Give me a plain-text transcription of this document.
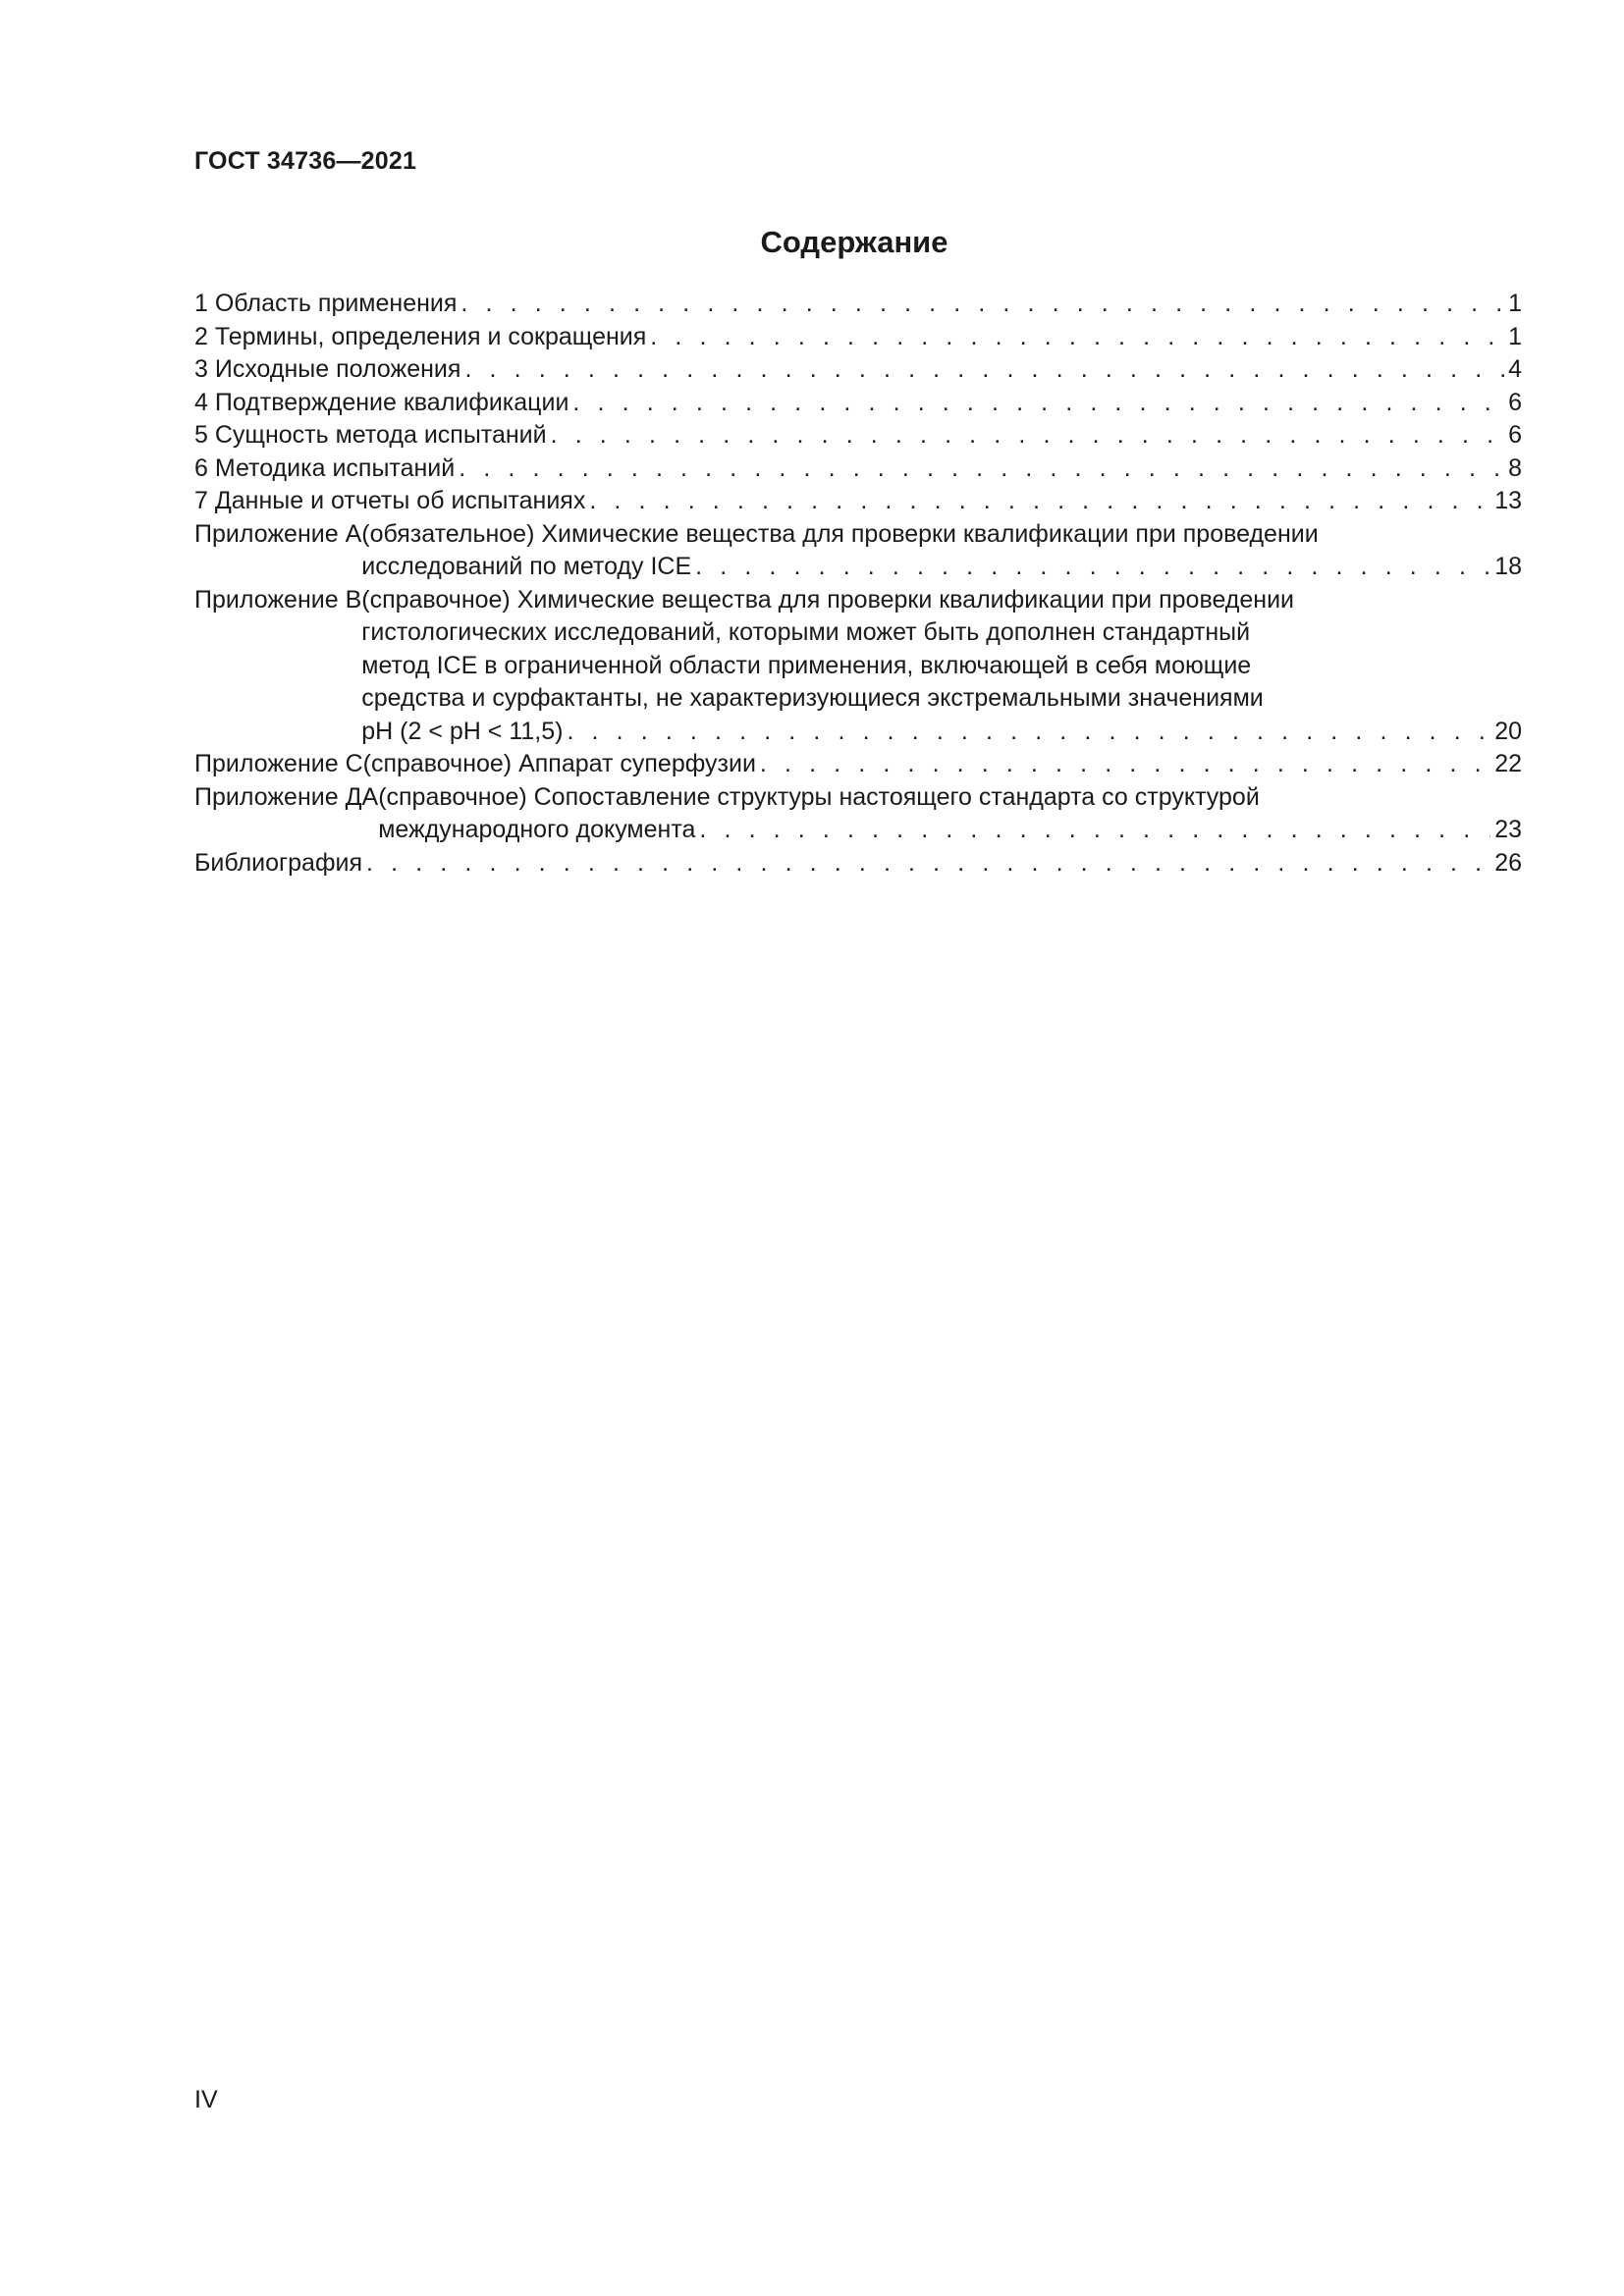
ГОСТ 34736—2021
Содержание
1 Область применения . . .	1
2 Термины, определения и сокращения . . .	1
3 Исходные положения . . .	4
4 Подтверждение квалификации . . .	6
5 Сущность метода испытаний . . .	6
6 Методика испытаний . . .	8
7 Данные и отчеты об испытаниях . . .	13
Приложение А (обязательное) Химические вещества для проверки квалификации при проведении
исследований по методу ICE . . .	18
Приложение В (справочное) Химические вещества для проверки квалификации при проведении
гистологических исследований, которыми может быть дополнен стандартный
метод ICE в ограниченной области применения, включающей в себя моющие
средства и сурфактанты, не характеризующиеся экстремальными значениями
pH (2 < pH < 11,5) . . .	20
Приложение С (справочное) Аппарат суперфузии . . .	22
Приложение ДА (справочное) Сопоставление структуры настоящего стандарта со структурой
международного документа . . .	23
Библиография . . .	26
IV
